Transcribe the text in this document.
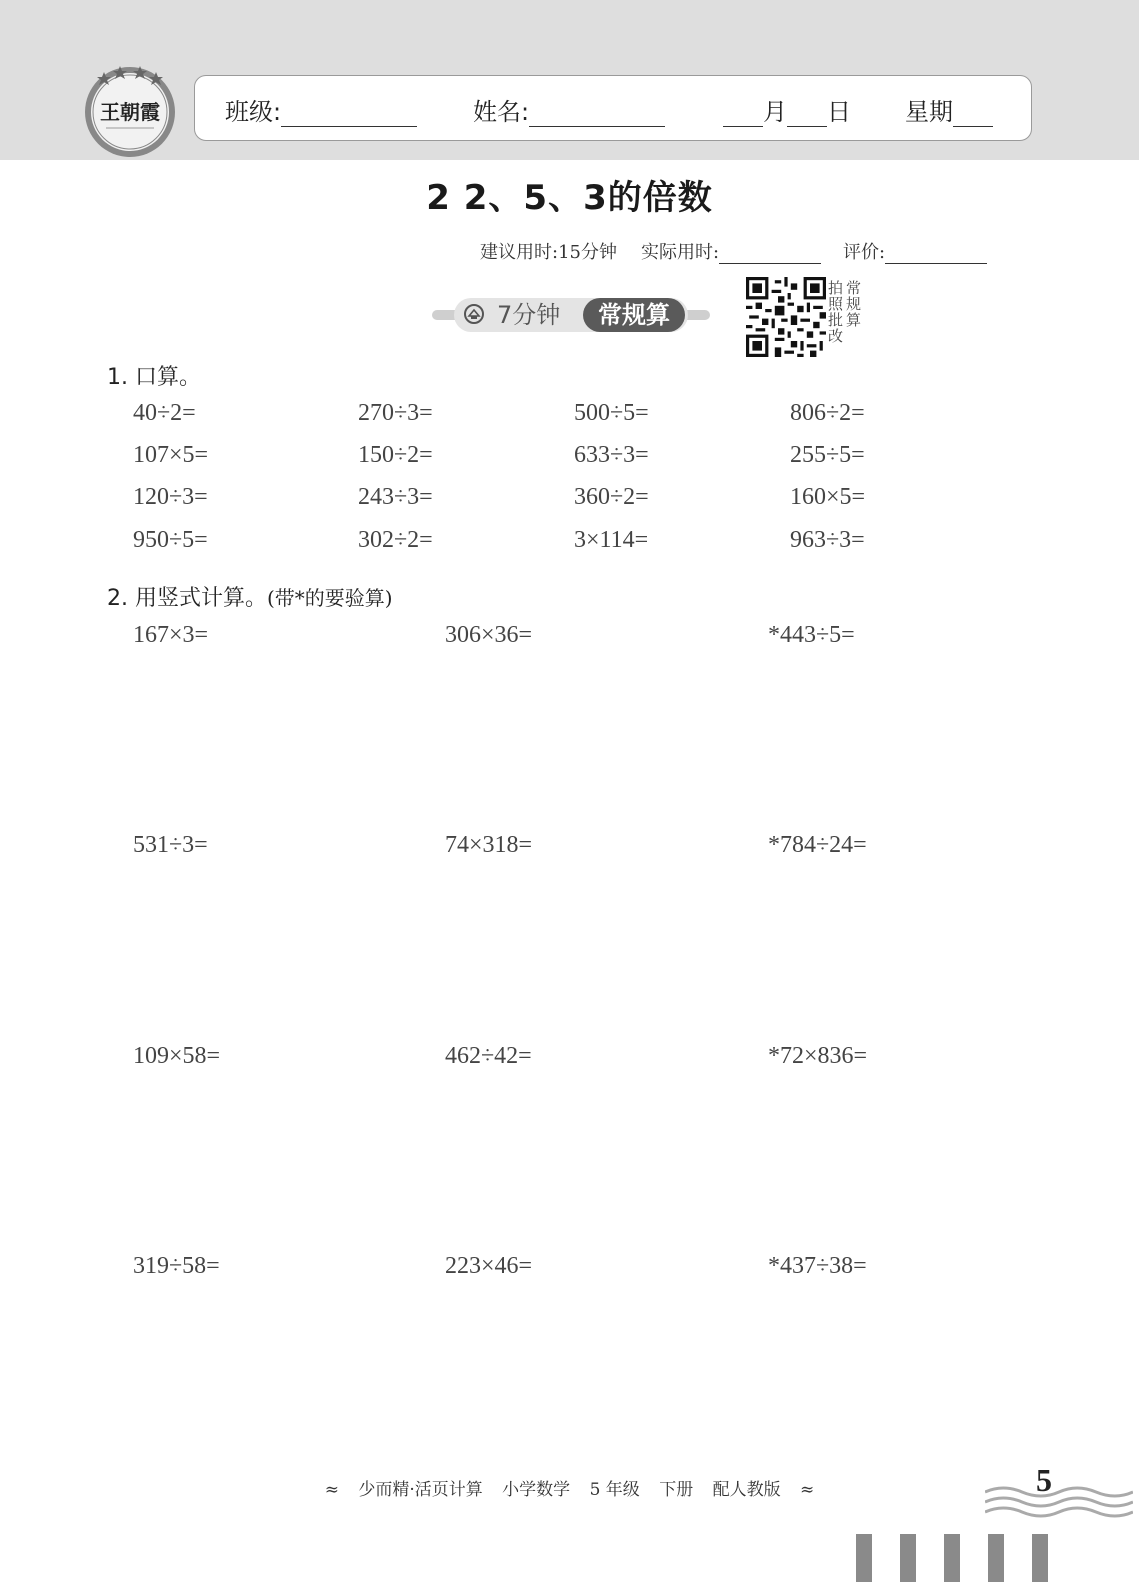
王朝霞	班级:	姓名:	月 日 星期
2 2、5、3的倍数
建议用时:15分钟 实际用时:	评价:
7分钟	常规算	拍照批改 常规算
1. 口算。
40÷2=	270÷3=	500÷5=	806÷2=
107×5=	150÷2=	633÷3=	255÷5=
120÷3=	243÷3=	360÷2=	160×5=
950÷5=	302÷2=	3×114=	963÷3=
2. 用竖式计算。(带*的要验算)
167×3=	306×36=	*443÷5=
531÷3=	74×318=	*784÷24=
109×58=	462÷42=	*72×836=
319÷58=	223×46=	*437÷38=
≈ 少而精·活页计算 小学数学 5 年级 下册 配人教版 ≈	5
